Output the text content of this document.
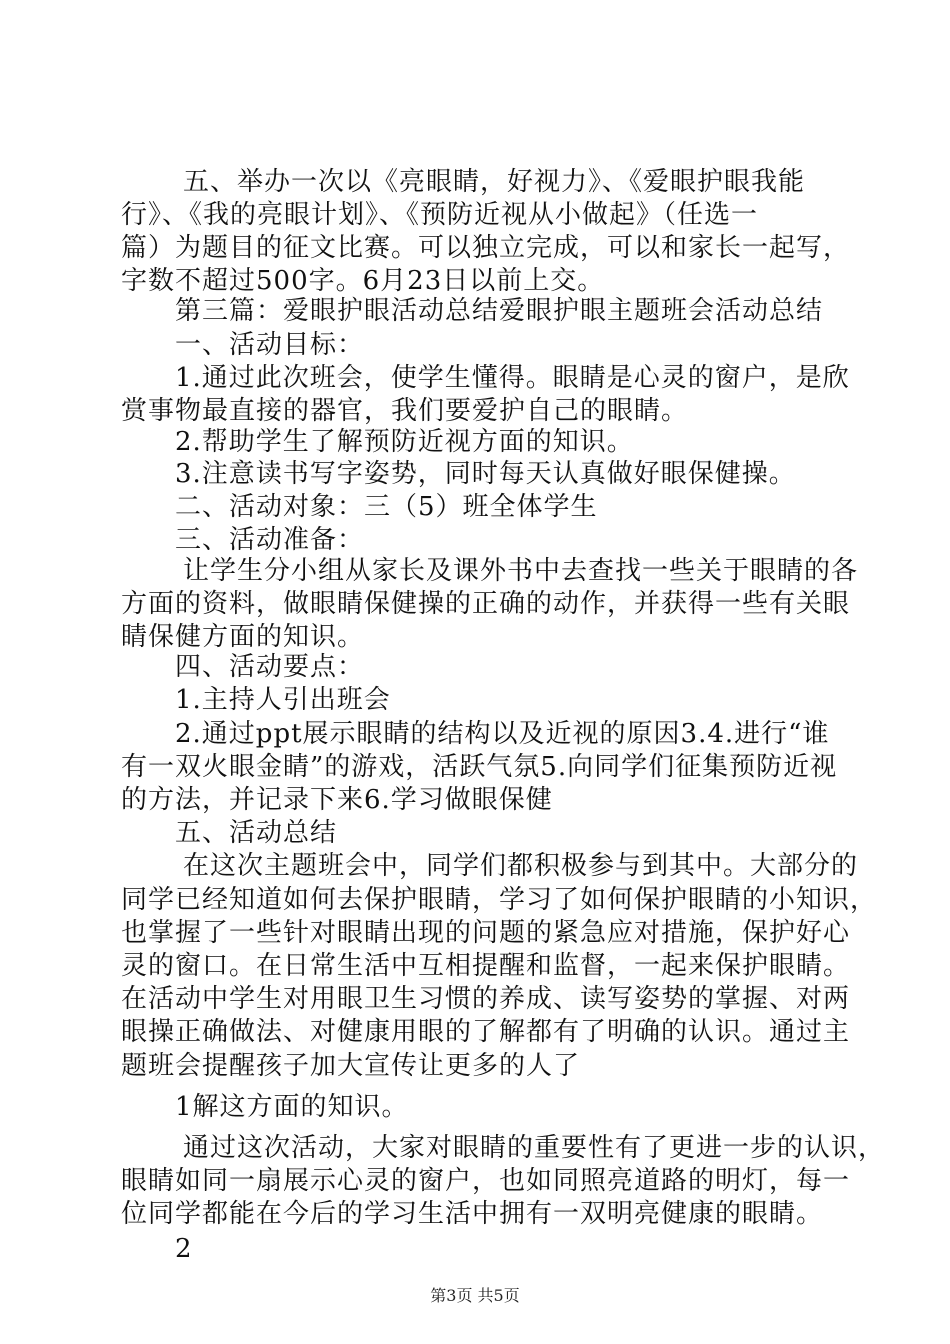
五、举办一次以《亮眼睛，好视力》、《爱眼护眼我能
行》、《我的亮眼计划》、《预防近视从小做起》（任选一
篇）为题目的征文比赛。可以独立完成，可以和家长一起写，
字数不超过500字。6月23日以前上交。
第三篇：爱眼护眼活动总结爱眼护眼主题班会活动总结
一、活动目标：
1.通过此次班会，使学生懂得。眼睛是心灵的窗户，是欣
赏事物最直接的器官，我们要爱护自己的眼睛。
2.帮助学生了解预防近视方面的知识。
3.注意读书写字姿势，同时每天认真做好眼保健操。
二、活动对象：三（5）班全体学生
三、活动准备：
让学生分小组从家长及课外书中去查找一些关于眼睛的各
方面的资料，做眼睛保健操的正确的动作，并获得一些有关眼
睛保健方面的知识。
四、活动要点：
1.主持人引出班会
2.通过ppt展示眼睛的结构以及近视的原因3.4.进行“谁
有一双火眼金睛”的游戏，活跃气氛5.向同学们征集预防近视
的方法，并记录下来6.学习做眼保健
五、活动总结
在这次主题班会中，同学们都积极参与到其中。大部分的
同学已经知道如何去保护眼睛，学习了如何保护眼睛的小知识，
也掌握了一些针对眼睛出现的问题的紧急应对措施，保护好心
灵的窗口。在日常生活中互相提醒和监督，一起来保护眼睛。
在活动中学生对用眼卫生习惯的养成、读写姿势的掌握、对两
眼操正确做法、对健康用眼的了解都有了明确的认识。通过主
题班会提醒孩子加大宣传让更多的人了
1解这方面的知识。
通过这次活动，大家对眼睛的重要性有了更进一步的认识，
眼睛如同一扇展示心灵的窗户，也如同照亮道路的明灯，每一
位同学都能在今后的学习生活中拥有一双明亮健康的眼睛。
2
第3页 共5页
